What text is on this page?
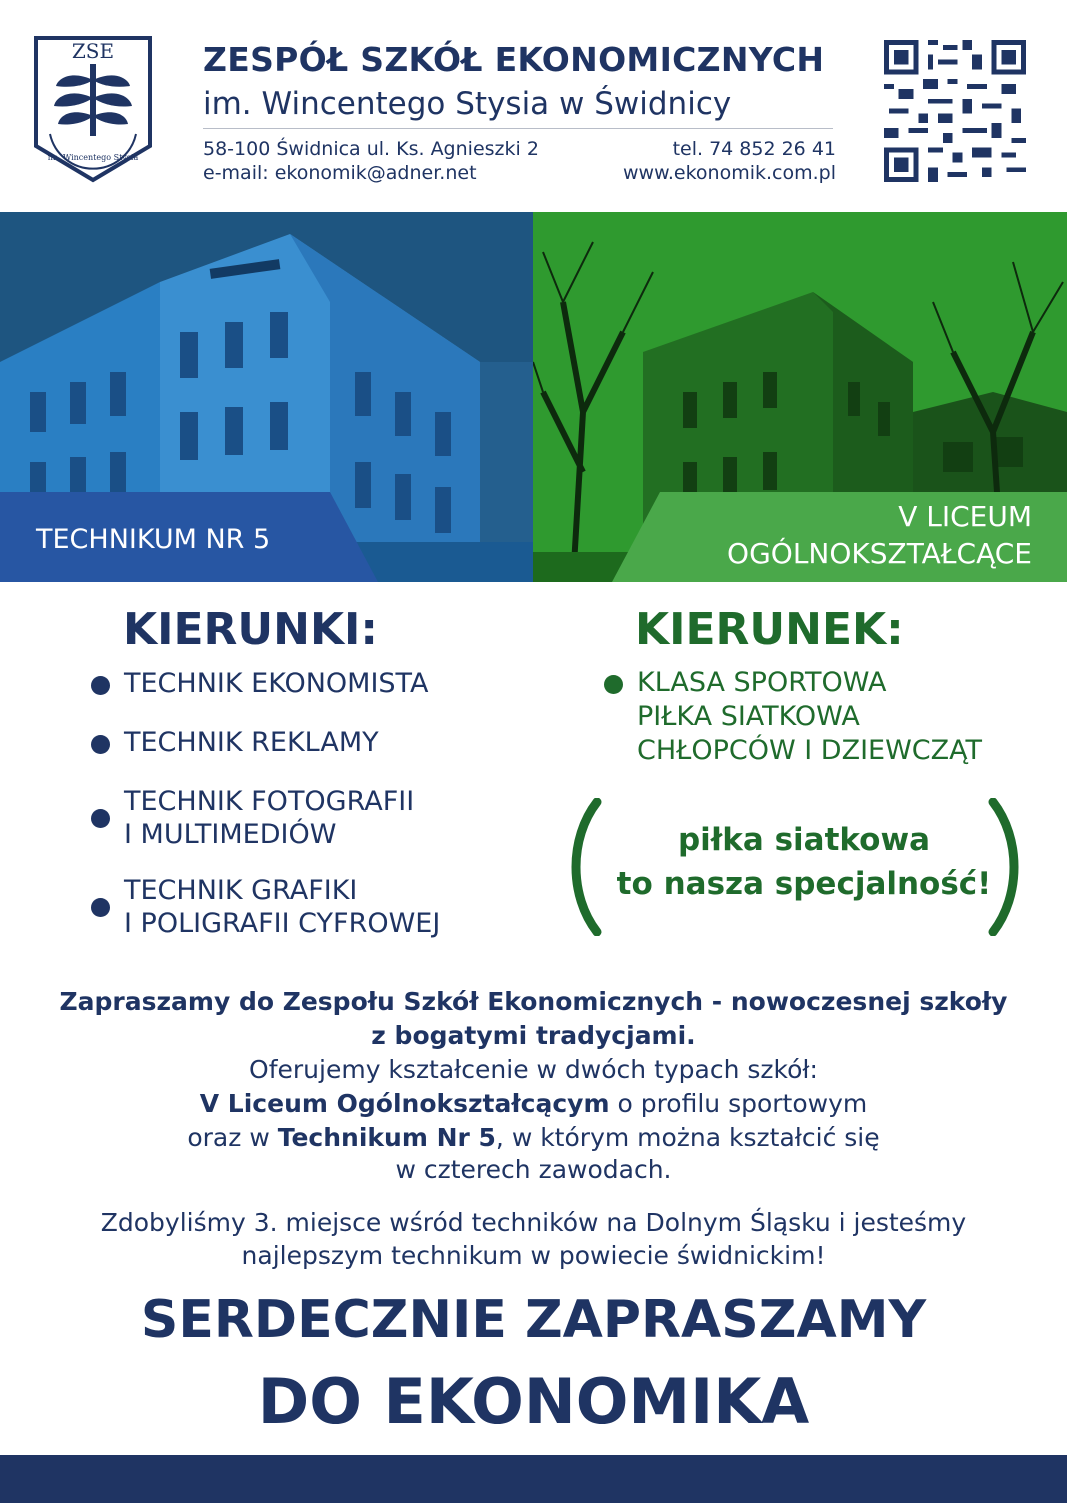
ZSE
im. Wincentego Stysia
ZESPÓŁ SZKÓŁ EKONOMICZNYCH
im. Wincentego Stysia w Świdnicy
58-100 Świdnica ul. Ks. Agnieszki 2	tel. 74 852 26 41
e-mail: ekonomik@adner.net	www.ekonomik.com.pl
TECHNIKUM NR 5
V LICEUM
OGÓLNOKSZTAŁCĄCE
KIERUNKI:
TECHNIK EKONOMISTA
TECHNIK REKLAMY
TECHNIK FOTOGRAFII
I MULTIMEDIÓW
TECHNIK GRAFIKI
I POLIGRAFII CYFROWEJ
KIERUNEK:
KLASA SPORTOWA
PIŁKA SIATKOWA
CHŁOPCÓW I DZIEWCZĄT
piłka siatkowa
to nasza specjalność!
Zapraszamy do Zespołu Szkół Ekonomicznych - nowoczesnej szkoły
z bogatymi tradycjami.
Oferujemy kształcenie w dwóch typach szkół:
V Liceum Ogólnokształcącym o profilu sportowym
oraz w Technikum Nr 5, w którym można kształcić się
w czterech zawodach.
Zdobyliśmy 3. miejsce wśród techników na Dolnym Śląsku i jesteśmy
najlepszym technikum w powiecie świdnickim!
SERDECZNIE ZAPRASZAMY
DO EKONOMIKA
